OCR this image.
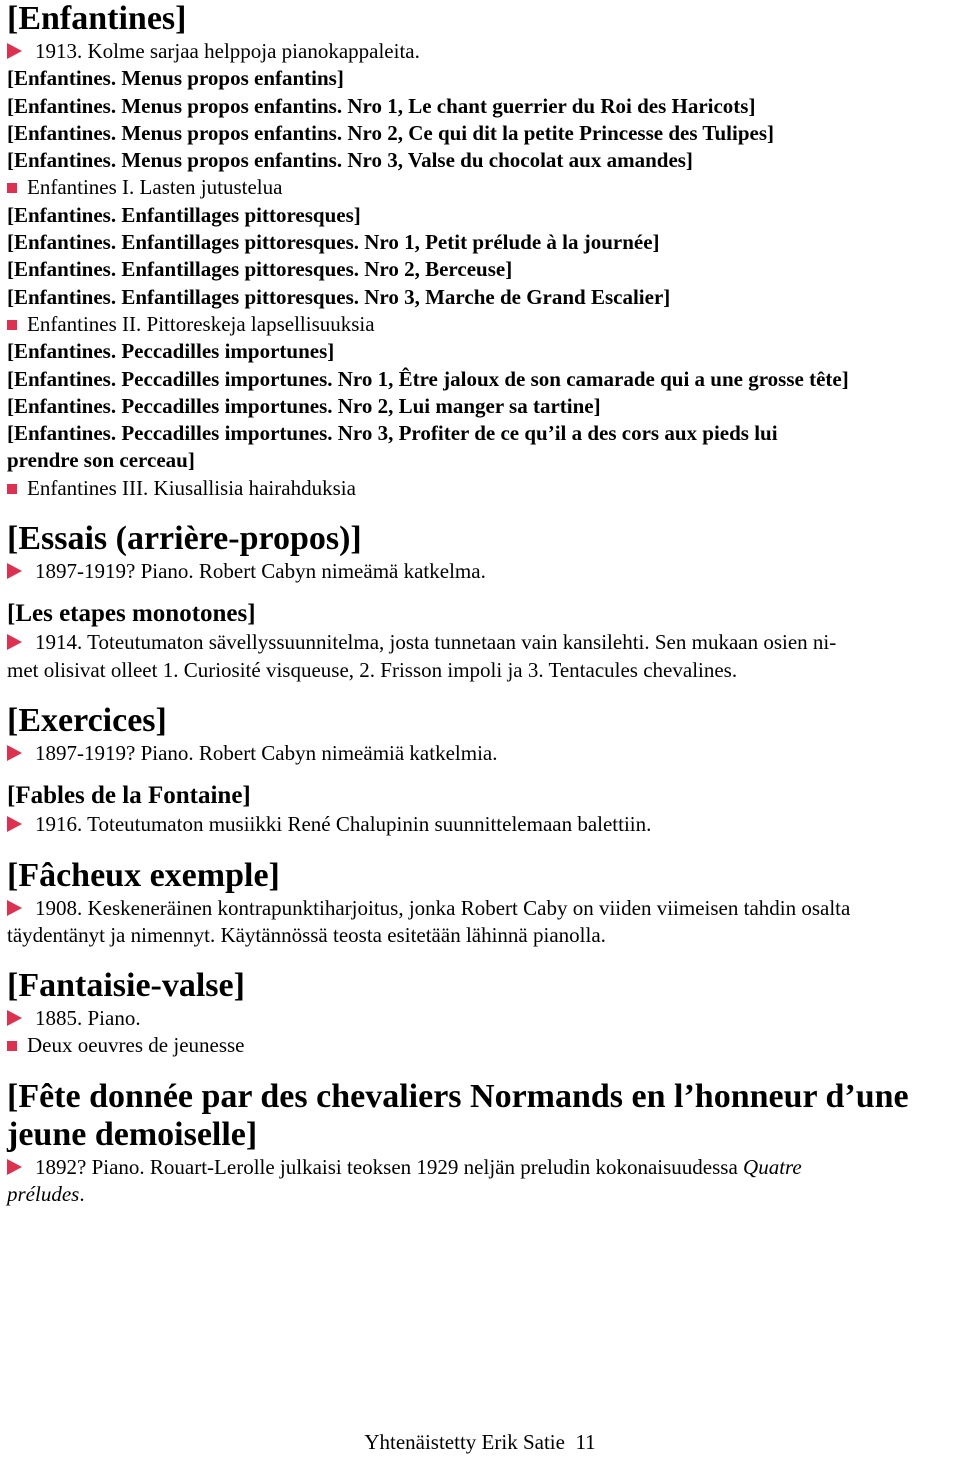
[Enfantines]
1913. Kolme sarjaa helppoja pianokappaleita.
[Enfantines. Menus propos enfantins]
[Enfantines. Menus propos enfantins. Nro 1, Le chant guerrier du Roi des Haricots]
[Enfantines. Menus propos enfantins. Nro 2, Ce qui dit la petite Princesse des Tulipes]
[Enfantines. Menus propos enfantins. Nro 3, Valse du chocolat aux amandes]
Enfantines I. Lasten jutustelua
[Enfantines. Enfantillages pittoresques]
[Enfantines. Enfantillages pittoresques. Nro 1, Petit prélude à la journée]
[Enfantines. Enfantillages pittoresques. Nro 2, Berceuse]
[Enfantines. Enfantillages pittoresques. Nro 3, Marche de Grand Escalier]
Enfantines II. Pittoreskeja lapsellisuuksia
[Enfantines. Peccadilles importunes]
[Enfantines. Peccadilles importunes. Nro 1, Être jaloux de son camarade qui a une grosse tête]
[Enfantines. Peccadilles importunes. Nro 2, Lui manger sa tartine]
[Enfantines. Peccadilles importunes. Nro 3, Profiter de ce qu’il a des cors aux pieds lui
prendre son cerceau]
Enfantines III. Kiusallisia hairahduksia
[Essais (arrière-propos)]
1897-1919? Piano. Robert Cabyn nimeämä katkelma.
[Les etapes monotones]
1914. Toteutumaton sävellyssuunnitelma, josta tunnetaan vain kansilehti. Sen mukaan osien ni-
met olisivat olleet 1. Curiosité visqueuse, 2. Frisson impoli ja 3. Tentacules chevalines.
[Exercices]
1897-1919? Piano. Robert Cabyn nimeämiä katkelmia.
[Fables de la Fontaine]
1916. Toteutumaton musiikki René Chalupinin suunnittelemaan balettiin.
[Fâcheux exemple]
1908. Keskeneräinen kontrapunktiharjoitus, jonka Robert Caby on viiden viimeisen tahdin osalta
täydentänyt ja nimennyt. Käytännössä teosta esitetään lähinnä pianolla.
[Fantaisie-valse]
1885. Piano.
Deux oeuvres de jeunesse
[Fête donnée par des chevaliers Normands en l’honneur d’une
jeune demoiselle]
1892? Piano. Rouart-Lerolle julkaisi teoksen 1929 neljän preludin kokonaisuudessa Quatre
préludes.
Yhtenäistetty Erik Satie 11
